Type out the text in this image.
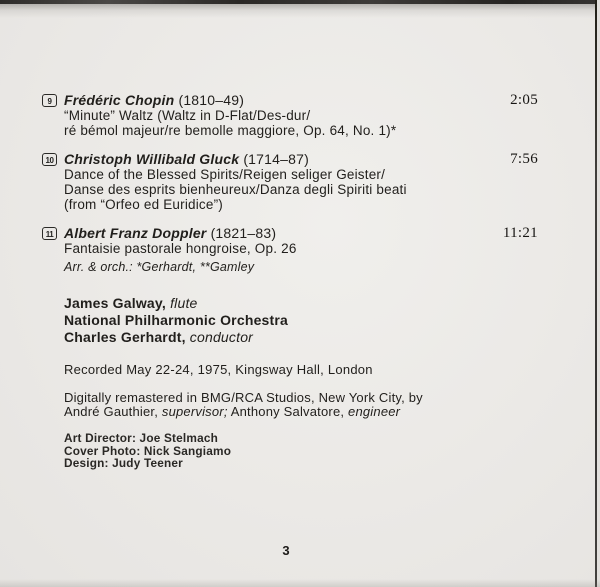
9 Frédéric Chopin (1810–49)
“Minute” Waltz (Waltz in D-Flat/Des-dur/
ré bémol majeur/re bemolle maggiore, Op. 64, No. 1)*
2:05
10 Christoph Willibald Gluck (1714–87)
Dance of the Blessed Spirits/Reigen seliger Geister/
Danse des esprits bienheureux/Danza degli Spiriti beati
(from “Orfeo ed Euridice”)
7:56
11 Albert Franz Doppler (1821–83)
Fantaisie pastorale hongroise, Op. 26
11:21
Arr. & orch.: *Gerhardt, **Gamley
James Galway, flute
National Philharmonic Orchestra
Charles Gerhardt, conductor
Recorded May 22-24, 1975, Kingsway Hall, London
Digitally remastered in BMG/RCA Studios, New York City, by
André Gauthier, supervisor; Anthony Salvatore, engineer
Art Director: Joe Stelmach
Cover Photo: Nick Sangiamo
Design: Judy Teener
3
